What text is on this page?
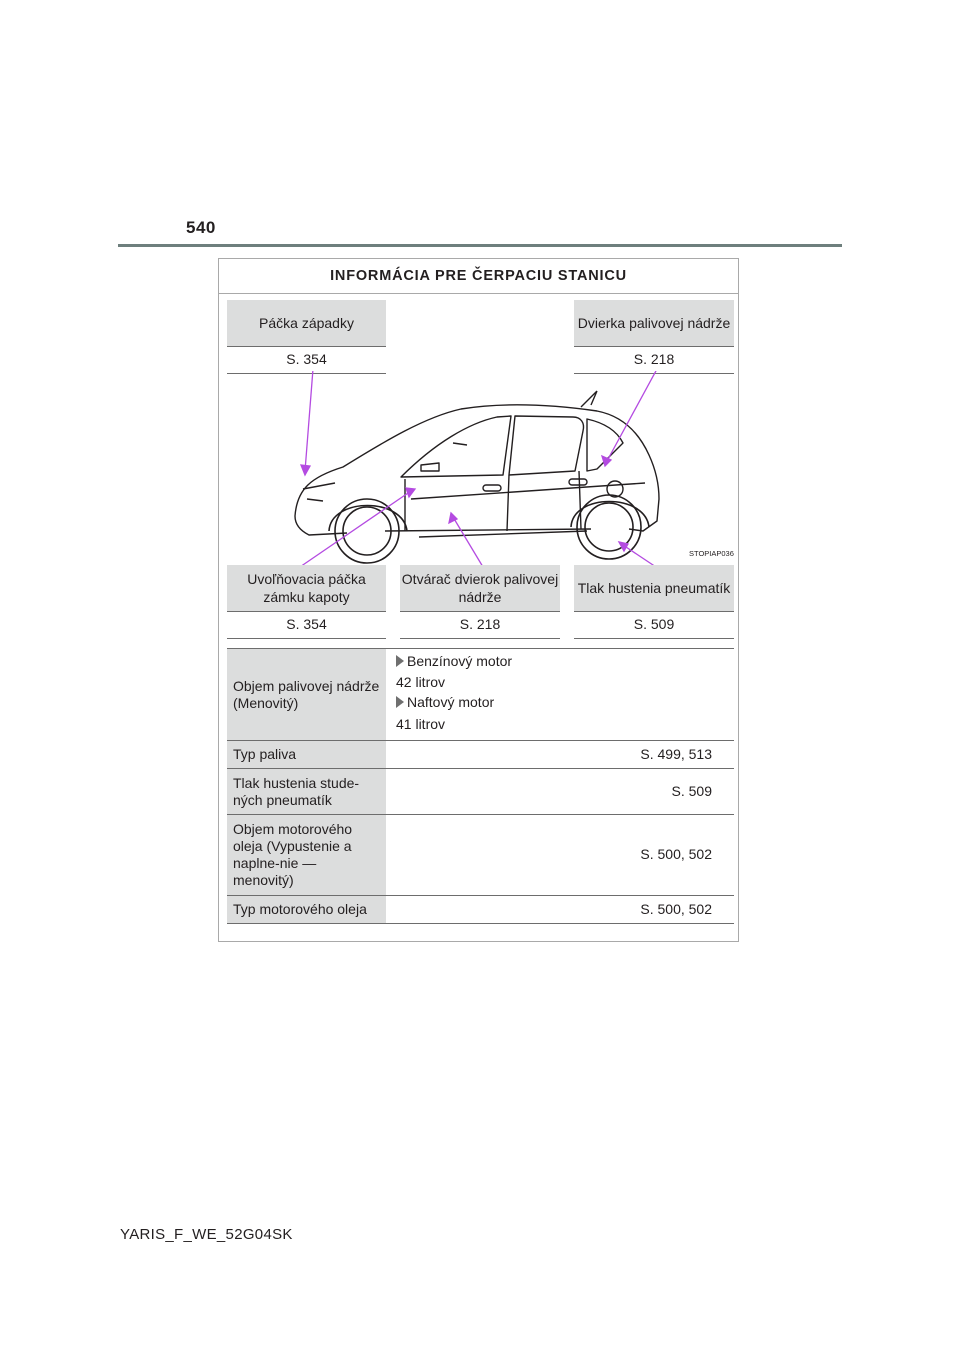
540
INFORMÁCIA PRE ČERPACIU STANICU
Páčka západky
S. 354
Dvierka palivovej nádrže
S. 218
STOPIAP036
Uvoľňovacia páčka zámku kapoty
S. 354
Otvárač dvierok palivovej nádrže
S. 218
Tlak hustenia pneumatík
S. 509
Objem palivovej nádrže (Menovitý)
Benzínový motor
42 litrov
Naftový motor
41 litrov
Typ paliva	S. 499, 513
Tlak hustenia stude-ných pneumatík
S. 509
Objem motorového oleja (Vypustenie a naplne-nie — menovitý)
S. 500, 502
Typ motorového oleja	S. 500, 502
YARIS_F_WE_52G04SK
